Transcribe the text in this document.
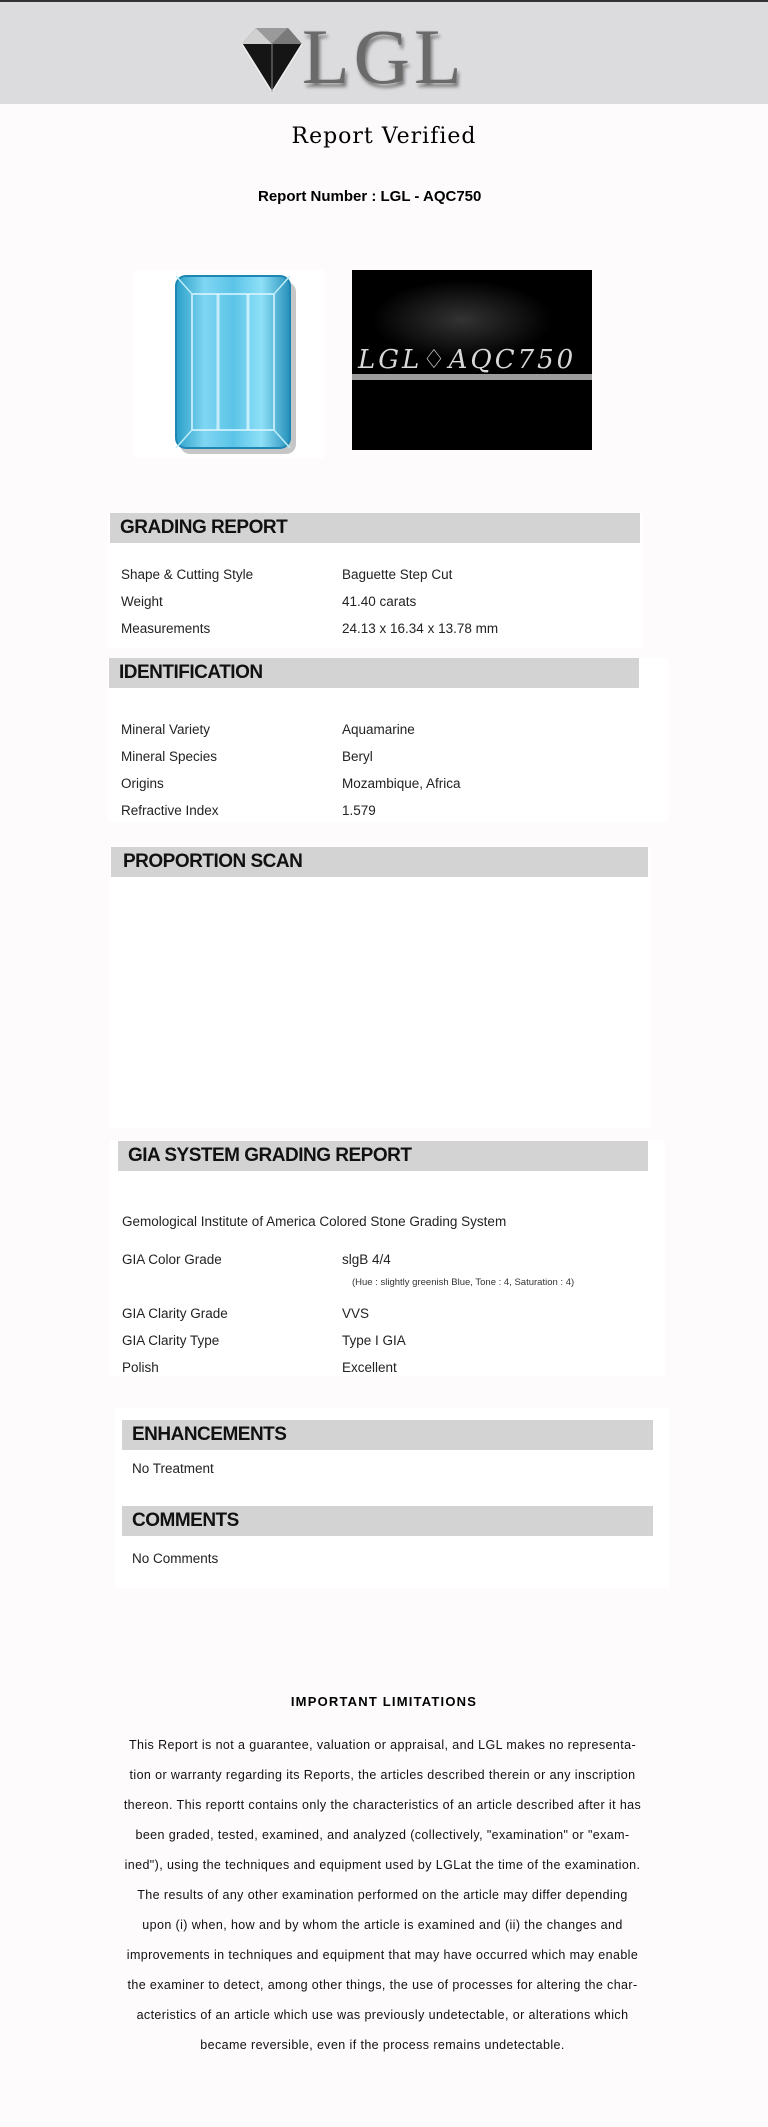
LGL
Report Verified
Report Number : LGL - AQC750
LGL♢AQC750
GRADING REPORT
Shape & Cutting Style	Baguette Step Cut
Weight	41.40 carats
Measurements	24.13 x 16.34 x 13.78 mm
IDENTIFICATION
Mineral Variety	Aquamarine
Mineral Species	Beryl
Origins	Mozambique, Africa
Refractive Index	1.579
PROPORTION SCAN
GIA SYSTEM GRADING REPORT
Gemological Institute of America Colored Stone Grading System
GIA Color Grade	slgB 4/4
(Hue : slightly greenish Blue, Tone : 4, Saturation : 4)
GIA Clarity Grade	VVS
GIA Clarity Type	Type I GIA
Polish	Excellent
ENHANCEMENTS
No Treatment
COMMENTS
No Comments
IMPORTANT LIMITATIONS
This Report is not a guarantee, valuation or appraisal, and LGL makes no representa-
tion or warranty regarding its Reports, the articles described therein or any inscription
thereon. This reportt contains only the characteristics of an article described after it has
been graded, tested, examined, and analyzed (collectively, "examination" or "exam-
ined"), using the techniques and equipment used by LGLat the time of the examination.
The results of any other examination performed on the article may differ depending
upon (i) when, how and by whom the article is examined and (ii) the changes and
improvements in techniques and equipment that may have occurred which may enable
the examiner to detect, among other things, the use of processes for altering the char-
acteristics of an article which use was previously undetectable, or alterations which
became reversible, even if the process remains undetectable.
